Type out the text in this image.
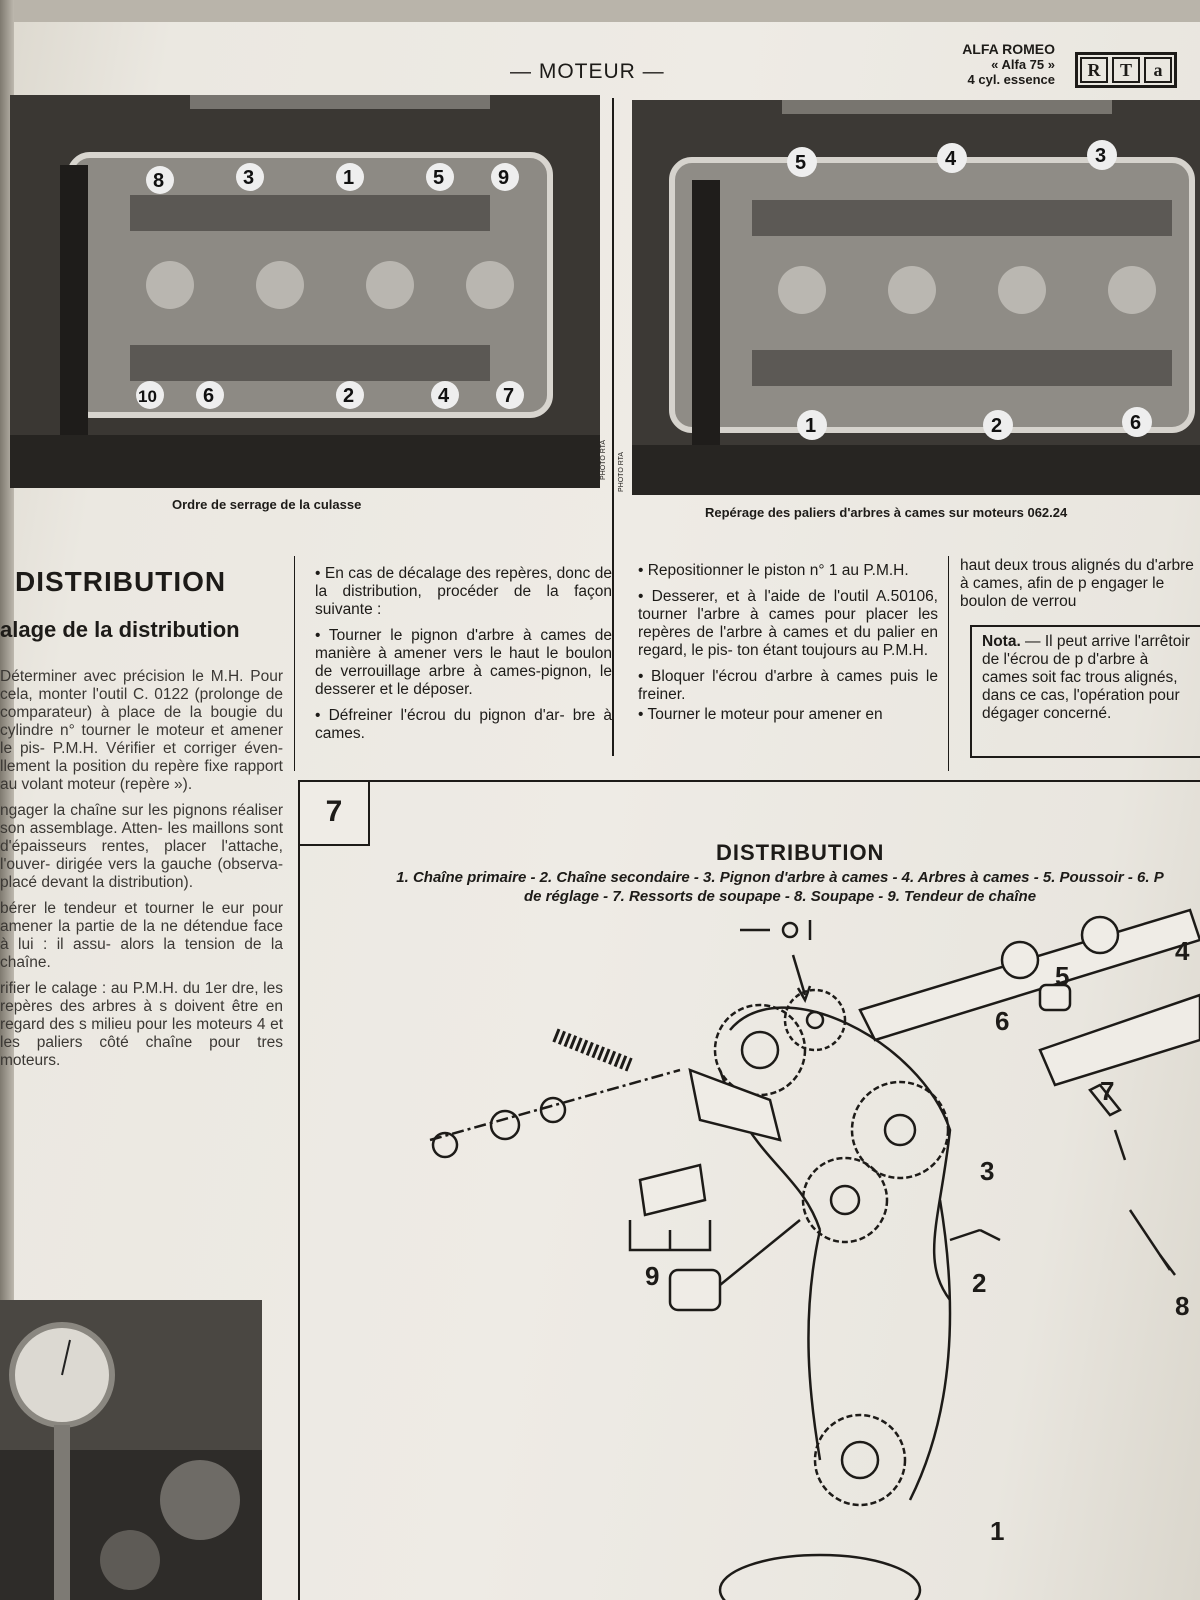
— MOTEUR —
ALFA ROMEO
« Alfa 75 »
4 cyl. essence	R	T	a
8	3	1	5	9
10 6	2	4	7
PHOTO RTA
Ordre de serrage de la culasse
5	4	3
1	2	6
PHOTO RTA
Repérage des paliers d'arbres à cames sur moteurs 062.24
DISTRIBUTION
alage de la distribution

Déterminer avec précision le M.H. Pour cela, monter l'outil C. 0122 (prolonge de comparateur) à place de la bougie du cylindre n° tourner le moteur et amener le pis- P.M.H. Vérifier et corriger éven- llement la position du repère fixe rapport au volant moteur (repère »).

ngager la chaîne sur les pignons réaliser son assemblage. Atten- les maillons sont d'épaisseurs rentes, placer l'attache, l'ouver- dirigée vers la gauche (observa- placé devant la distribution).

bérer le tendeur et tourner le eur pour amener la partie de la ne détendue face à lui : il assu- alors la tension de la chaîne.

rifier le calage : au P.M.H. du 1er dre, les repères des arbres à s doivent être en regard des s milieu pour les moteurs 4 et les paliers côté chaîne pour tres moteurs.

• En cas de décalage des repères, donc de la distribution, procéder de la façon suivante :

• Tourner le pignon d'arbre à cames de manière à amener vers le haut le boulon de verrouillage arbre à cames-pignon, le desserer et le déposer.

• Défreiner l'écrou du pignon d'ar- bre à cames.

• Repositionner le piston n° 1 au P.M.H.

• Desserer, et à l'aide de l'outil A.50106, tourner l'arbre à cames pour placer les repères de l'arbre à cames et du palier en regard, le pis- ton étant toujours au P.M.H.

• Bloquer l'écrou d'arbre à cames puis le freiner.

• Tourner le moteur pour amener en

haut deux trous alignés du d'arbre à cames, afin de p engager le boulon de verrou

Nota. — Il peut arrive l'arrêtoir de l'écrou de p d'arbre à cames soit fac trous alignés, dans ce cas, l'opération pour dégager concerné.
7
DISTRIBUTION
1. Chaîne primaire - 2. Chaîne secondaire - 3. Pignon d'arbre à cames - 4. Arbres à cames - 5. Poussoir - 6. P
de réglage - 7. Ressorts de soupape - 8. Soupape - 9. Tendeur de chaîne
1
2
3
4
5
6
7
8
9
